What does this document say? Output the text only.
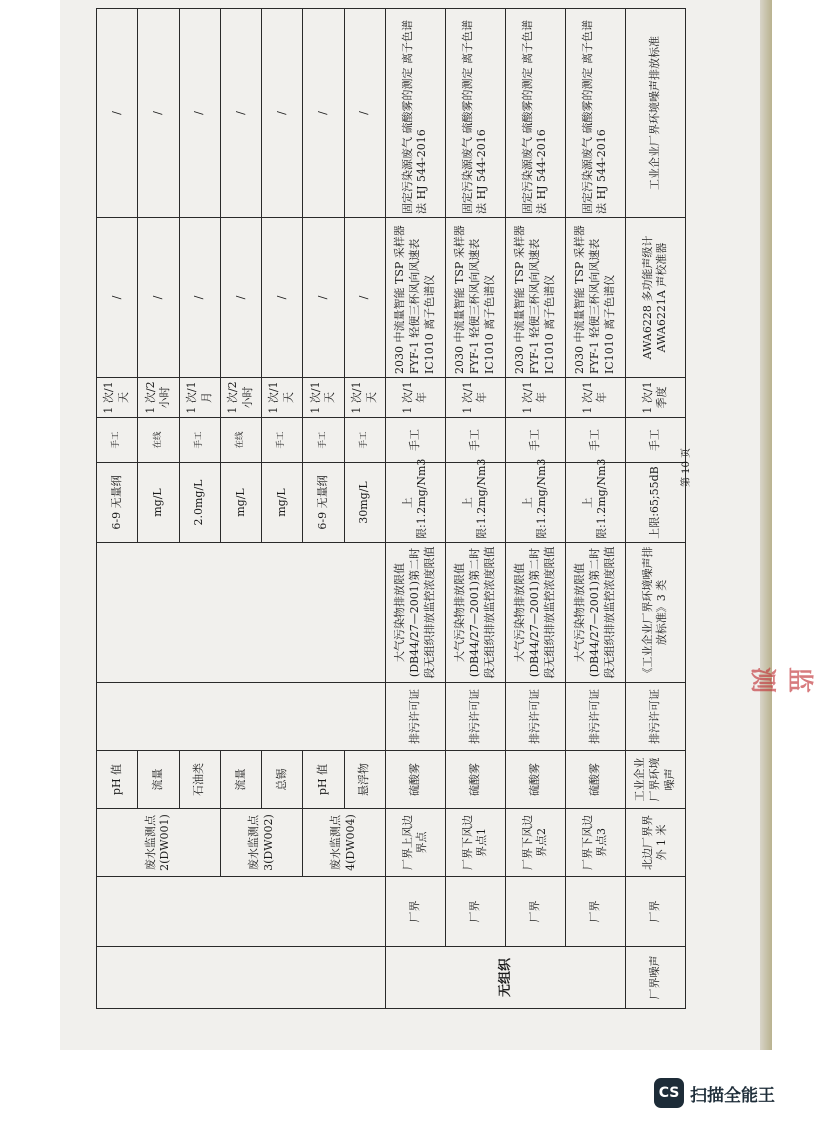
监测
		废水监测点2(DW001)	pH 值			6-9 无量纲	手工	1 次/1天	/	/
			流量			mg/L	在线	1 次/2小时	/	/
			石油类			2.0mg/L	手工	1 次/1月	/	/
		废水监测点3(DW002)	流量			mg/L	在线	1 次/2小时	/	/
			总锡			mg/L	手工	1 次/1天	/	/
		废水监测点4(DW004)	pH 值			6-9 无量纲	手工	1 次/1天	/	/
			悬浮物			30mg/L	手工	1 次/1天	/	/
无组织	厂界	厂界上风边界点	硫酸雾	排污许可证	大气污染物排放限值(DB44/27—2001)第二时段无组织排放监控浓度限值	上限:1.2mg/Nm3	手工	1 次/1年	2030 中流量智能 TSP 采样器 FYF-1 轻便三杯风向风速表 IC1010 离子色谱仪	固定污染源废气 硫酸雾的测定 离子色谱法 HJ 544-2016
	厂界	厂界下风边界点1	硫酸雾	排污许可证	大气污染物排放限值(DB44/27—2001)第二时段无组织排放监控浓度限值	上限:1.2mg/Nm3	手工	1 次/1年	2030 中流量智能 TSP 采样器 FYF-1 轻便三杯风向风速表 IC1010 离子色谱仪	固定污染源废气 硫酸雾的测定 离子色谱法 HJ 544-2016
	厂界	厂界下风边界点2	硫酸雾	排污许可证	大气污染物排放限值(DB44/27—2001)第二时段无组织排放监控浓度限值	上限:1.2mg/Nm3	手工	1 次/1年	2030 中流量智能 TSP 采样器 FYF-1 轻便三杯风向风速表 IC1010 离子色谱仪	固定污染源废气 硫酸雾的测定 离子色谱法 HJ 544-2016
	厂界	厂界下风边界点3	硫酸雾	排污许可证	大气污染物排放限值(DB44/27—2001)第二时段无组织排放监控浓度限值	上限:1.2mg/Nm3	手工	1 次/1年	2030 中流量智能 TSP 采样器 FYF-1 轻便三杯风向风速表 IC1010 离子色谱仪	固定污染源废气 硫酸雾的测定 离子色谱法 HJ 544-2016
厂界噪声	厂界	北边厂界界外 1 米	工业企业厂界环境噪声	排污许可证	《工业企业厂界环境噪声排放标准》3 类	上限:65;55dB	手工	1 次/1季度	AWA6228 多功能声级计 AWA6221A 声校准器	工业企业厂界环境噪声排放标准
第 10 页
CS 扫描全能王
